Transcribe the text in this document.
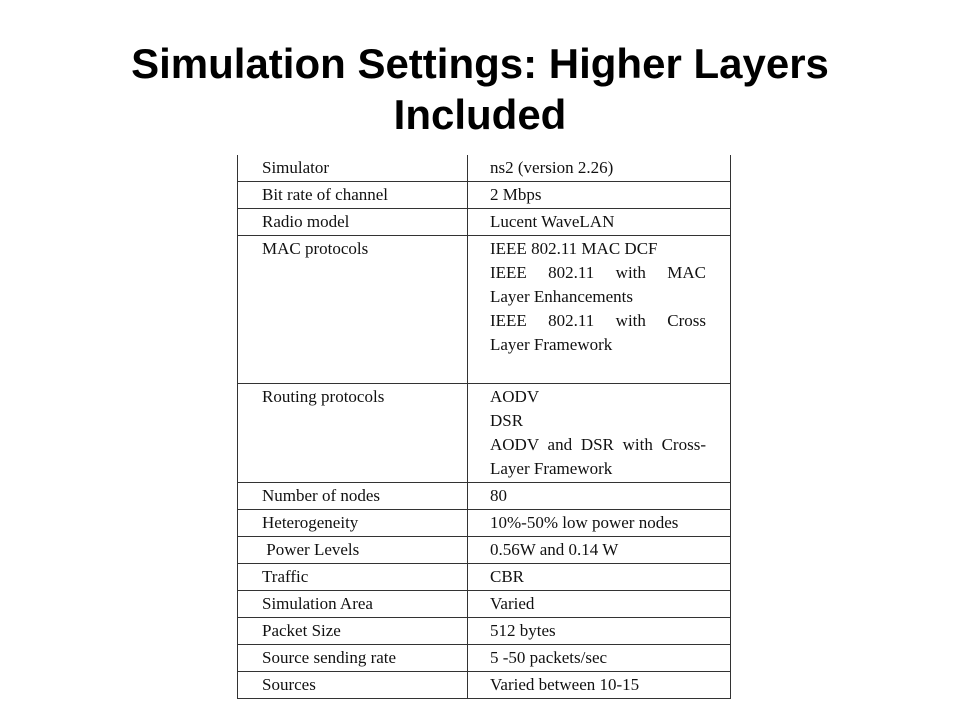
Simulation Settings: Higher Layers
Included
Simulator	ns2 (version 2.26)

Bit rate of channel	2 Mbps

Radio model	Lucent WaveLAN

MAC protocols	IEEE 802.11 MAC DCF
IEEE 802.11 with MAC
Layer Enhancements
IEEE 802.11 with Cross
Layer Framework

Routing protocols	AODV
DSR
AODV and DSR with Cross-
Layer Framework

Number of nodes	80

Heterogeneity	10%-50% low power nodes

Power Levels	0.56W and 0.14 W

Traffic	CBR

Simulation Area	Varied

Packet Size	512 bytes

Source sending rate	5 -50 packets/sec

Sources	Varied between 10-15
